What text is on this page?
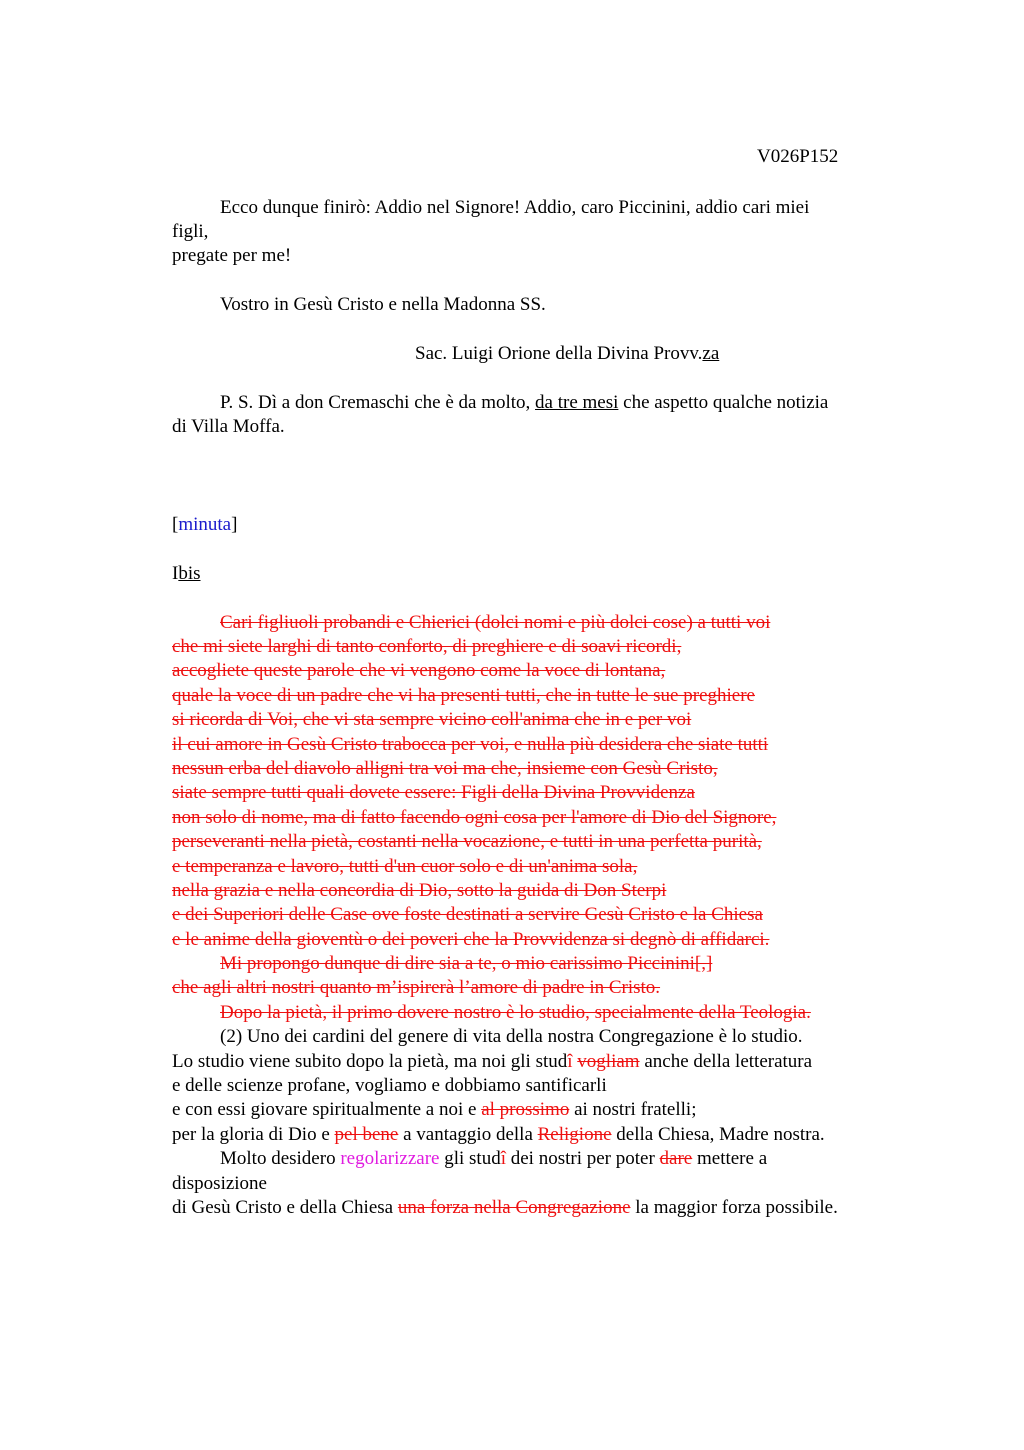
V026P152
Ecco dunque finirò: Addio nel Signore! Addio, caro Piccinini, addio cari miei
figli,
pregate per me!
Vostro in Gesù Cristo e nella Madonna SS.
Sac. Luigi Orione della Divina Provv.za
P. S. Dì a don Cremaschi che è da molto, da tre mesi che aspetto qualche notizia
di Villa Moffa.
[minuta]
Ibis
Cari figliuoli probandi e Chierici (dolci nomi e più dolci cose) a tutti voi
che mi siete larghi di tanto conforto, di preghiere e di soavi ricordi,
accogliete queste parole che vi vengono come la voce di lontana,
quale la voce di un padre che vi ha presenti tutti, che in tutte le sue preghiere
si ricorda di Voi, che vi sta sempre vicino coll'anima che in e per voi
il cui amore in Gesù Cristo trabocca per voi, e nulla più desidera che siate tutti
nessun erba del diavolo alligni tra voi ma che, insieme con Gesù Cristo,
siate sempre tutti quali dovete essere: Figli della Divina Provvidenza
non solo di nome, ma di fatto facendo ogni cosa per l'amore di Dio del Signore,
perseveranti nella pietà, costanti nella vocazione, e tutti in una perfetta purità,
e temperanza e lavoro, tutti d'un cuor solo e di un'anima sola,
nella grazia e nella concordia di Dio, sotto la guida di Don Sterpi
e dei Superiori delle Case ove foste destinati a servire Gesù Cristo e la Chiesa
e le anime della gioventù o dei poveri che la Provvidenza si degnò di affidarci.
Mi propongo dunque di dire sia a te, o mio carissimo Piccinini[,]
che agli altri nostri quanto m’ispirerà l’amore di padre in Cristo.
Dopo la pietà, il primo dovere nostro è lo studio, specialmente della Teologia.
(2) Uno dei cardini del genere di vita della nostra Congregazione è lo studio.
Lo studio viene subito dopo la pietà, ma noi gli studî vogliam anche della letteratura
e delle scienze profane, vogliamo e dobbiamo santificarli
e con essi giovare spiritualmente a noi e al prossimo ai nostri fratelli;
per la gloria di Dio e pel bene a vantaggio della Religione della Chiesa, Madre nostra.
Molto desidero regolarizzare gli studî dei nostri per poter dare mettere a
disposizione
di Gesù Cristo e della Chiesa una forza nella Congregazione la maggior forza possibile.
